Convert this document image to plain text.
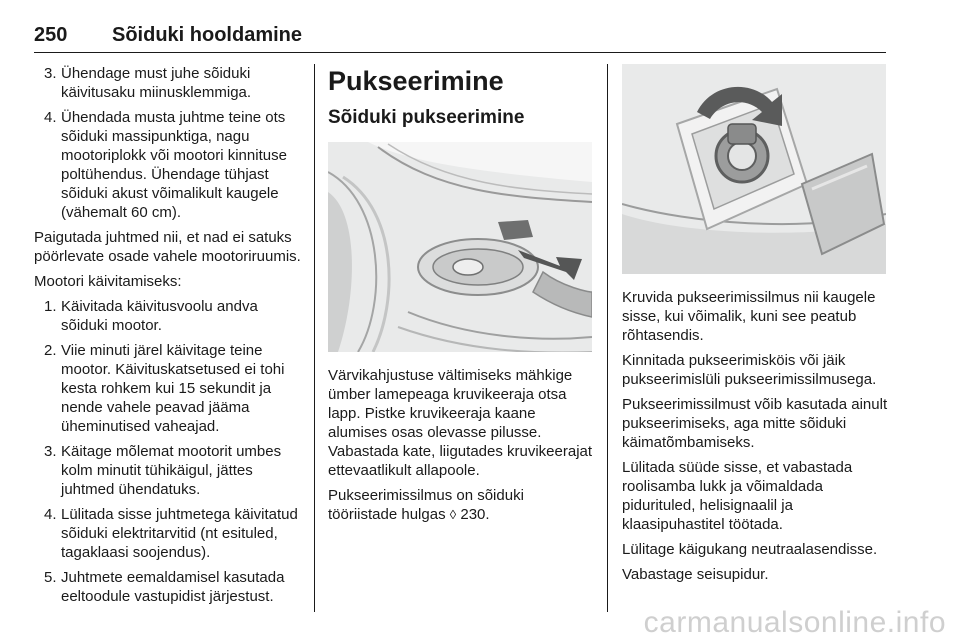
250 Sõiduki hooldamine
3. Ühendage must juhe sõiduki käivitusaku miinusklemmiga.
4. Ühendada musta juhtme teine ots sõiduki massipunktiga, nagu mootoriplokk või mootori kinnituse poltühendus. Ühendage tühjast sõiduki akust võimalikult kaugele (vähemalt 60 cm).

Paigutada juhtmed nii, et nad ei satuks pöörlevate osade vahele mootoriruumis.

Mootori käivitamiseks:

1. Käivitada käivitusvoolu andva sõiduki mootor.
2. Viie minuti järel käivitage teine mootor. Käivituskatsetused ei tohi kesta rohkem kui 15 sekundit ja nende vahele peavad jääma üheminutised vaheajad.
3. Käitage mõlemat mootorit umbes kolm minutit tühikäigul, jättes juhtmed ühendatuks.
4. Lülitada sisse juhtmetega käivitatud sõiduki elektritarvitid (nt esituled, tagaklaasi soojendus).
5. Juhtmete eemaldamisel kasutada eeltoodule vastupidist järjestust.
Pukseerimine
Sõiduki pukseerimine

Värvikahjustuse vältimiseks mähkige ümber lamepeaga kruvikeeraja otsa lapp. Pistke kruvikeeraja kaane alumises osas olevasse pilusse. Vabastada kate, liigutades kruvikeerajat ettevaatlikult allapoole.

Pukseerimissilmus on sõiduki tööriistade hulgas ◊ 230.

Kruvida pukseerimissilmus nii kaugele sisse, kui võimalik, kuni see peatub rõhtasendis.

Kinnitada pukseerimisköis või jäik pukseerimislüli pukseerimissilmusega.

Pukseerimissilmust võib kasutada ainult pukseerimiseks, aga mitte sõiduki käimatõmbamiseks.

Lülitada süüde sisse, et vabastada roolisamba lukk ja võimaldada pidurituled, helisignaalil ja klaasipuhastitel töötada.

Lülitage käigukang neutraalasendisse.

Vabastage seisupidur.

carmanualsonline.info
